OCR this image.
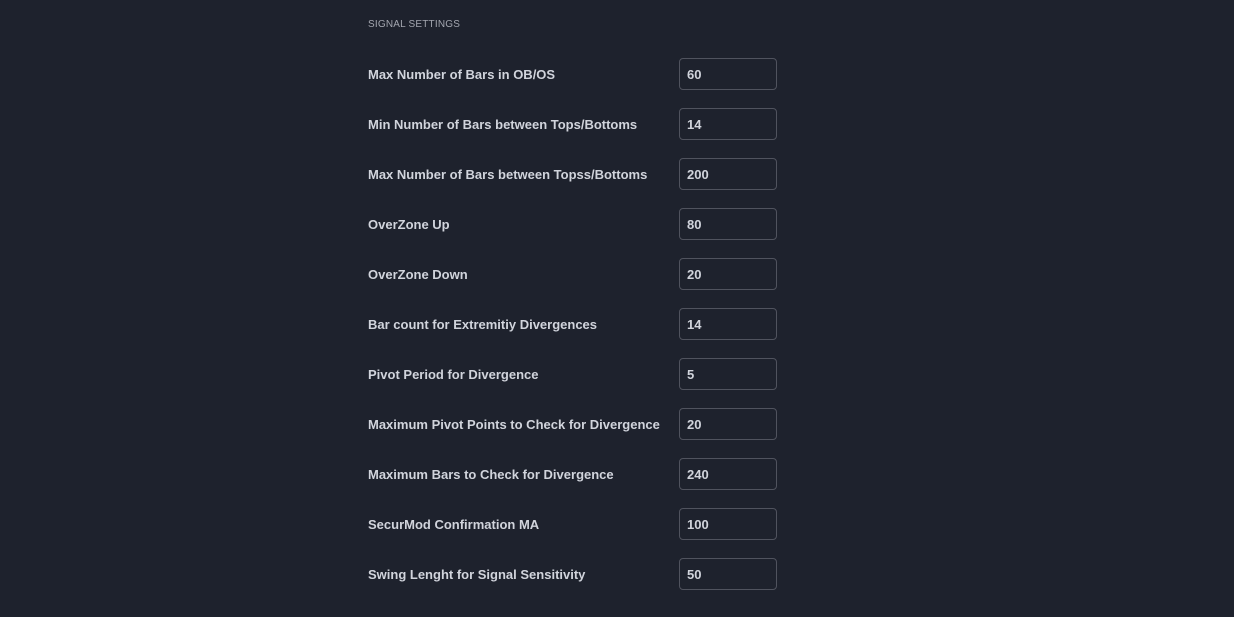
SIGNAL SETTINGS
Max Number of Bars in OB/OS
60
Min Number of Bars between Tops/Bottoms
14
Max Number of Bars between Topss/Bottoms
200
OverZone Up
80
OverZone Down
20
Bar count for Extremitiy Divergences
14
Pivot Period for Divergence
5
Maximum Pivot Points to Check for Divergence
20
Maximum Bars to Check for Divergence
240
SecurMod Confirmation MA
100
Swing Lenght for Signal Sensitivity
50
